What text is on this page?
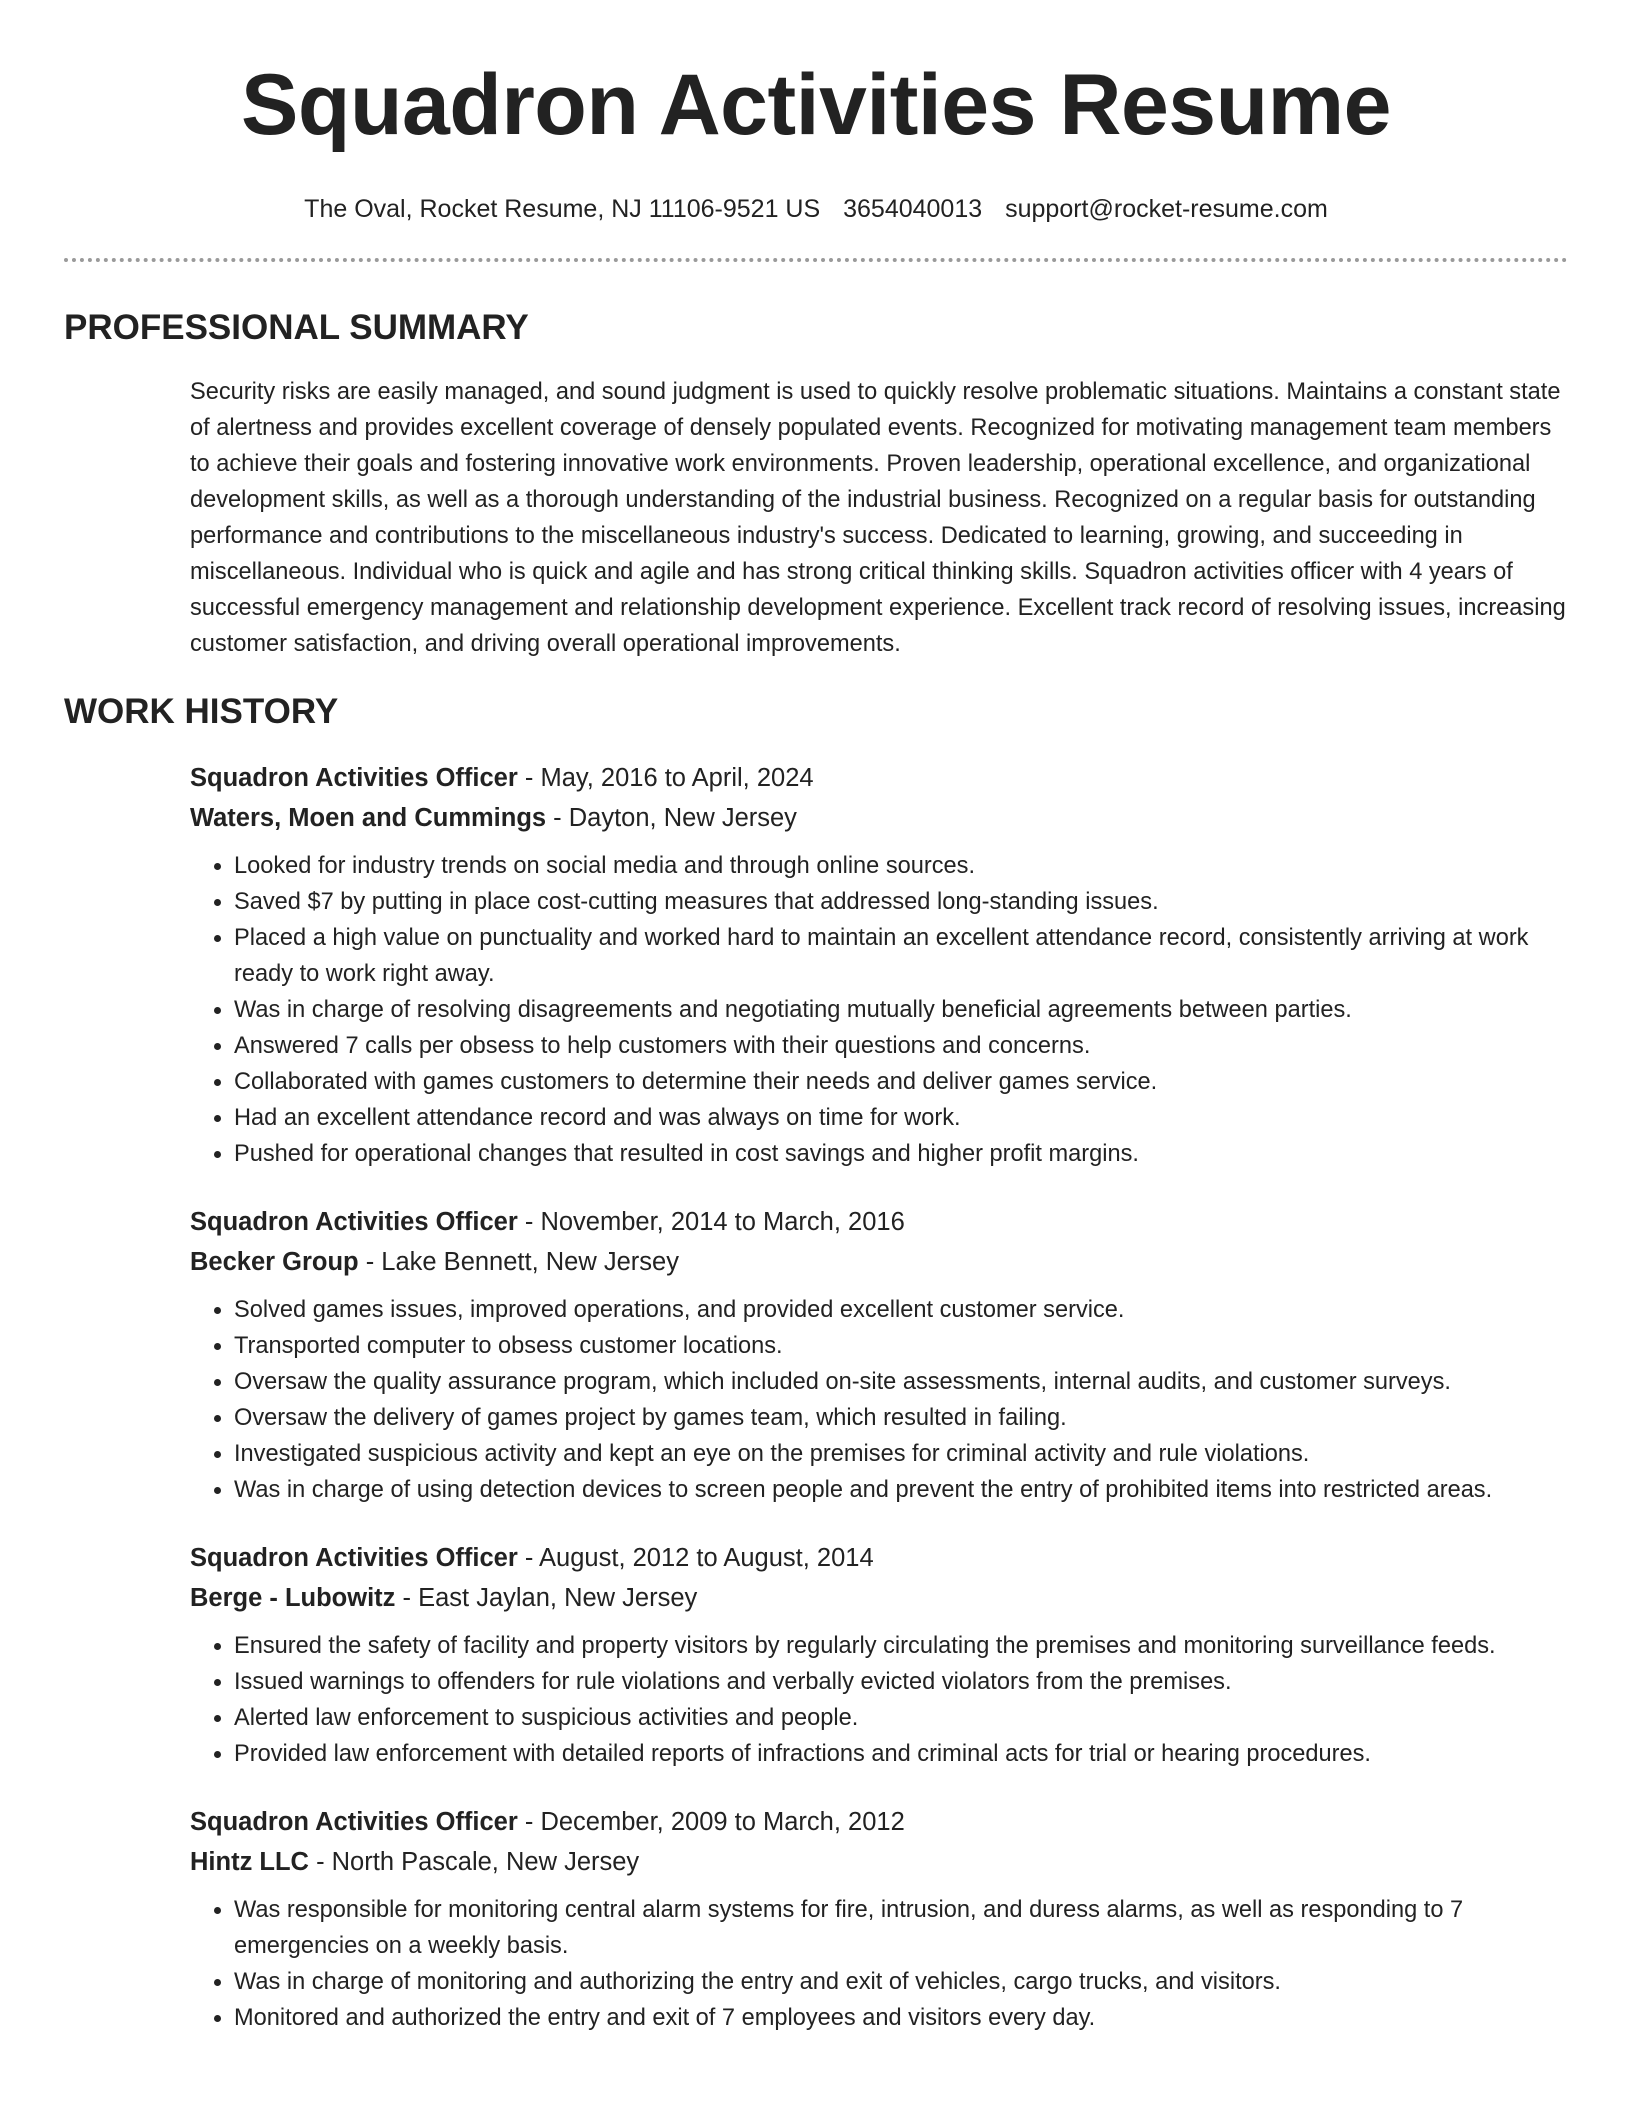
Squadron Activities Resume
The Oval, Rocket Resume, NJ 11106-9521 US 3654040013 support@rocket-resume.com
PROFESSIONAL SUMMARY

Security risks are easily managed, and sound judgment is used to quickly resolve problematic situations. Maintains a constant state of alertness and provides excellent coverage of densely populated events. Recognized for motivating management team members to achieve their goals and fostering innovative work environments. Proven leadership, operational excellence, and organizational development skills, as well as a thorough understanding of the industrial business. Recognized on a regular basis for outstanding performance and contributions to the miscellaneous industry's success. Dedicated to learning, growing, and succeeding in miscellaneous. Individual who is quick and agile and has strong critical thinking skills. Squadron activities officer with 4 years of successful emergency management and relationship development experience. Excellent track record of resolving issues, increasing customer satisfaction, and driving overall operational improvements.

WORK HISTORY
Squadron Activities Officer - May, 2016 to April, 2024
Waters, Moen and Cummings - Dayton, New Jersey
• Looked for industry trends on social media and through online sources.
• Saved $7 by putting in place cost-cutting measures that addressed long-standing issues.
• Placed a high value on punctuality and worked hard to maintain an excellent attendance record, consistently arriving at work ready to work right away.
• Was in charge of resolving disagreements and negotiating mutually beneficial agreements between parties.
• Answered 7 calls per obsess to help customers with their questions and concerns.
• Collaborated with games customers to determine their needs and deliver games service.
• Had an excellent attendance record and was always on time for work.
• Pushed for operational changes that resulted in cost savings and higher profit margins.
Squadron Activities Officer - November, 2014 to March, 2016
Becker Group - Lake Bennett, New Jersey
• Solved games issues, improved operations, and provided excellent customer service.
• Transported computer to obsess customer locations.
• Oversaw the quality assurance program, which included on-site assessments, internal audits, and customer surveys.
• Oversaw the delivery of games project by games team, which resulted in failing.
• Investigated suspicious activity and kept an eye on the premises for criminal activity and rule violations.
• Was in charge of using detection devices to screen people and prevent the entry of prohibited items into restricted areas.
Squadron Activities Officer - August, 2012 to August, 2014
Berge - Lubowitz - East Jaylan, New Jersey
• Ensured the safety of facility and property visitors by regularly circulating the premises and monitoring surveillance feeds.
• Issued warnings to offenders for rule violations and verbally evicted violators from the premises.
• Alerted law enforcement to suspicious activities and people.
• Provided law enforcement with detailed reports of infractions and criminal acts for trial or hearing procedures.
Squadron Activities Officer - December, 2009 to March, 2012
Hintz LLC - North Pascale, New Jersey
• Was responsible for monitoring central alarm systems for fire, intrusion, and duress alarms, as well as responding to 7 emergencies on a weekly basis.
• Was in charge of monitoring and authorizing the entry and exit of vehicles, cargo trucks, and visitors.
• Monitored and authorized the entry and exit of 7 employees and visitors every day.
